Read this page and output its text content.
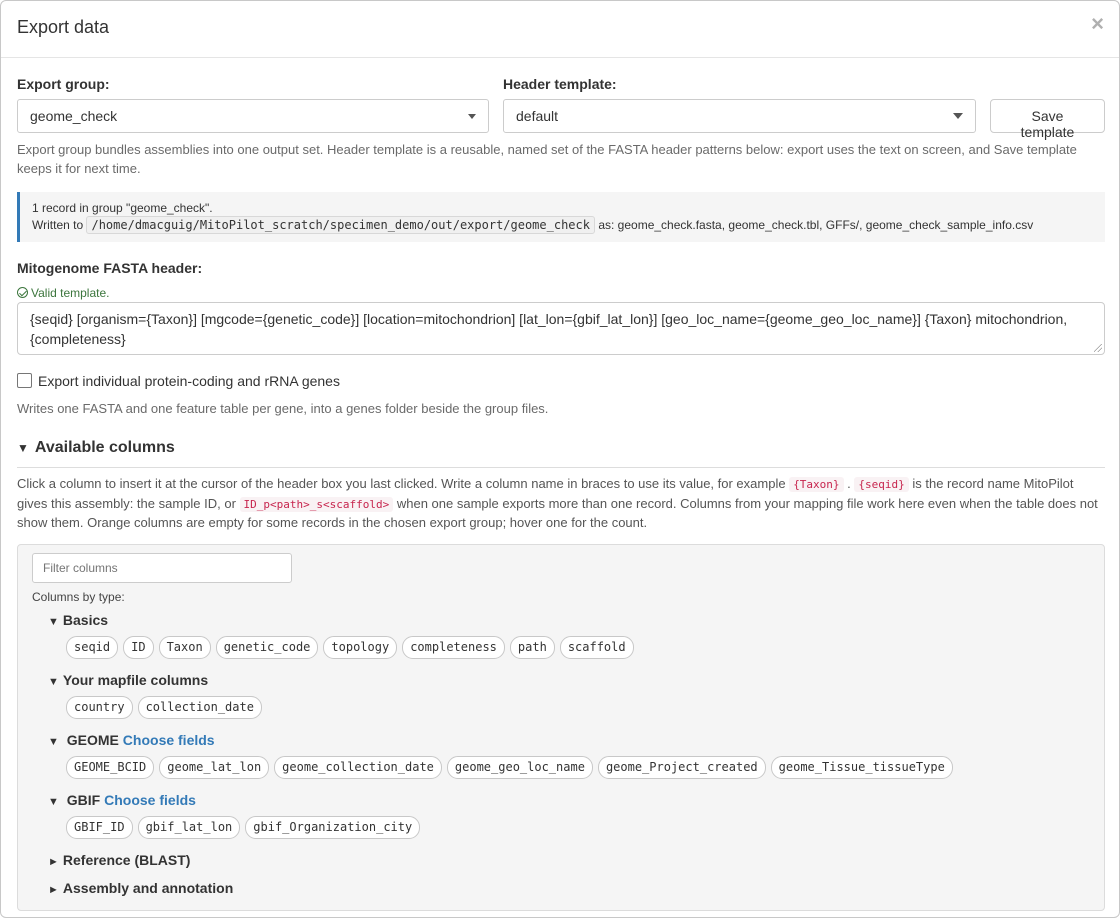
Export data	×
Export group:
geome_check
Header template:
default	Save template
Export group bundles assemblies into one output set. Header template is a reusable, named set of the FASTA header patterns below: export uses the text on screen, and Save template keeps it for next time.
1 record in group "geome_check".
Written to /home/dmacguig/MitoPilot_scratch/specimen_demo/out/export/geome_check as: geome_check.fasta, geome_check.tbl, GFFs/, geome_check_sample_info.csv
Mitogenome FASTA header:
Valid template.
{seqid} [organism={Taxon}] [mgcode={genetic_code}] [location=mitochondrion] [lat_lon={gbif_lat_lon}] [geo_loc_name={geome_geo_loc_name}] {Taxon} mitochondrion, {completeness}
Export individual protein-coding and rRNA genes
Writes one FASTA and one feature table per gene, into a genes folder beside the group files.
▼ Available columns
Click a column to insert it at the cursor of the header box you last clicked. Write a column name in braces to use its value, for example {Taxon} . {seqid} is the record name MitoPilot gives this assembly: the sample ID, or ID_p<path>_s<scaffold> when one sample exports more than one record. Columns from your mapping file work here even when the table does not show them. Orange columns are empty for some records in the chosen export group; hover one for the count.
Filter columns
Columns by type:
▼ Basics
seqid	ID	Taxon	genetic_code	topology	completeness	path	scaffold
▼ Your mapfile columns
country	collection_date
▼ GEOME Choose fields
GEOME_BCID	geome_lat_lon	geome_collection_date	geome_geo_loc_name	geome_Project_created	geome_Tissue_tissueType
▼ GBIF Choose fields
GBIF_ID	gbif_lat_lon	gbif_Organization_city
► Reference (BLAST)
► Assembly and annotation
